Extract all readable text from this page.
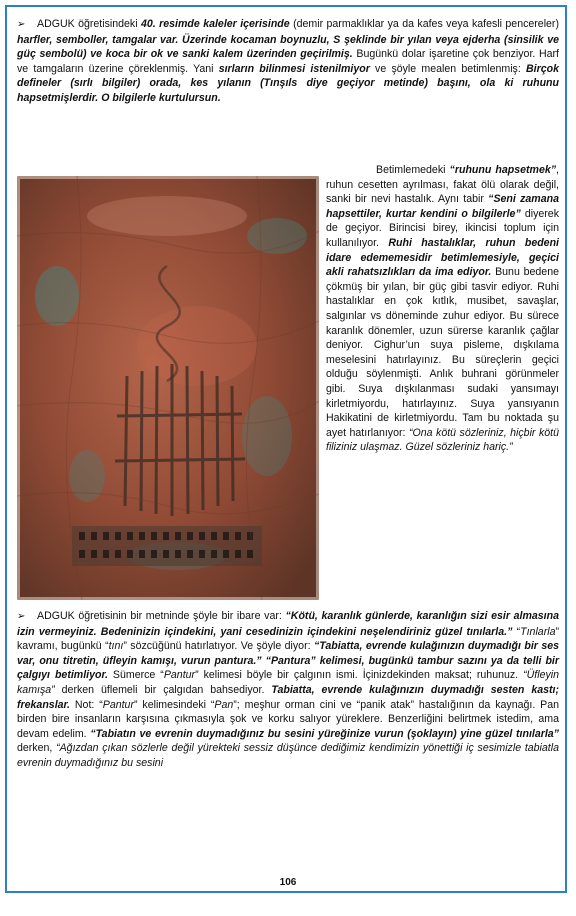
➢ ADGUK öğretisindeki 40. resimde kaleler içerisinde (demir parmaklıklar ya da kafes veya kafesli pencereler) harfler, semboller, tamgalar var. Üzerinde kocaman boynuzlu, S şeklinde bir yılan veya ejderha (sinsilik ve güç sembolü) ve koca bir ok ve sanki kalem üzerinden geçirilmiş. Bugünkü dolar işaretine çok benziyor. Harf ve tamgaların üzerine çöreklenmiş. Yani sırların bilinmesi istenilmiyor ve şöyle mealen betimlenmiş: Birçok defineler (sırlı bilgiler) orada, kes yılanın (Tınşıls diye geçiyor metinde) başını, ola ki ruhunu hapsetmişlerdir. O bilgilerle kurtulursun.
Betimlemedeki “ruhunu hapsetmek”, ruhun cesetten ayrılması, fakat ölü olarak değil, sanki bir nevi hastalık. Aynı tabir “Seni zamana hapsettiler, kurtar kendini o bilgilerle” diyerek de geçiyor. Birincisi birey, ikincisi toplum için kullanılıyor. Ruhi hastalıklar, ruhun bedeni idare edememesidir betimlemesiyle, geçici akli rahatsızlıkları da ima ediyor. Bunu bedene çökmüş bir yılan, bir güç gibi tasvir ediyor. Ruhi hastalıklar en çok kıtlık, musibet, savaşlar, salgınlar vs döneminde zuhur ediyor. Bu sürece karanlık dönemler, uzun sürerse karanlık çağlar deniyor. Cighur’un suya pisleme, dışkılama meselesini hatırlayınız. Bu süreçlerin geçici olduğu söylenmişti. Anlık buhrani görünmeler gibi. Suya dışkılanması sudaki yansımayı kirletmiyordu, hatırlayınız. Suya yansıyanın Hakikatini de kirletmiyordu. Tam bu noktada şu ayet hatırlanıyor: “Ona kötü sözleriniz, hiçbir kötü filiziniz ulaşmaz. Güzel sözleriniz hariç.”
➢ ADGUK öğretisinin bir metninde şöyle bir ibare var: “Kötü, karanlık günlerde, karanlığın sizi esir almasına izin vermeyiniz. Bedeninizin içindekini, yani cesedinizin içindekini neşelendiriniz güzel tınılarla.” “Tınlarla” kavramı, bugünkü “tını” sözcüğünü hatırlatıyor. Ve şöyle diyor: “Tabiatta, evrende kulağınızın duymadığı bir ses var, onu titretin, üfleyin kamışı, vurun pantura.” “Pantura” kelimesi, bugünkü tambur sazını ya da telli bir çalgıyı betimliyor. Sümerce “Pantur” kelimesi böyle bir çalgının ismi. İçinizdekinden maksat; ruhunuz. “Üfleyin kamışa” derken üflemeli bir çalgıdan bahsediyor. Tabiatta, evrende kulağınızın duymadığı sesten kastı; frekanslar. Not: “Pantur” kelimesindeki “Pan”; meşhur orman cini ve “panik atak” hastalığının da kaynağı. Pan birden bire insanların karşısına çıkmasıyla şok ve korku salıyor yüreklere. Benzerliğini belirtmek istedim, ama devam edelim. “Tabiatın ve evrenin duymadığınız bu sesini yüreğinize vurun (şoklayın) yine güzel tınılarla” derken, “Ağızdan çıkan sözlerle değil yürekteki sessiz düşünce dediğimiz kendimizin yönettiği iç sesimizle tabiatla evrenin duymadığınız bu sesini
106
